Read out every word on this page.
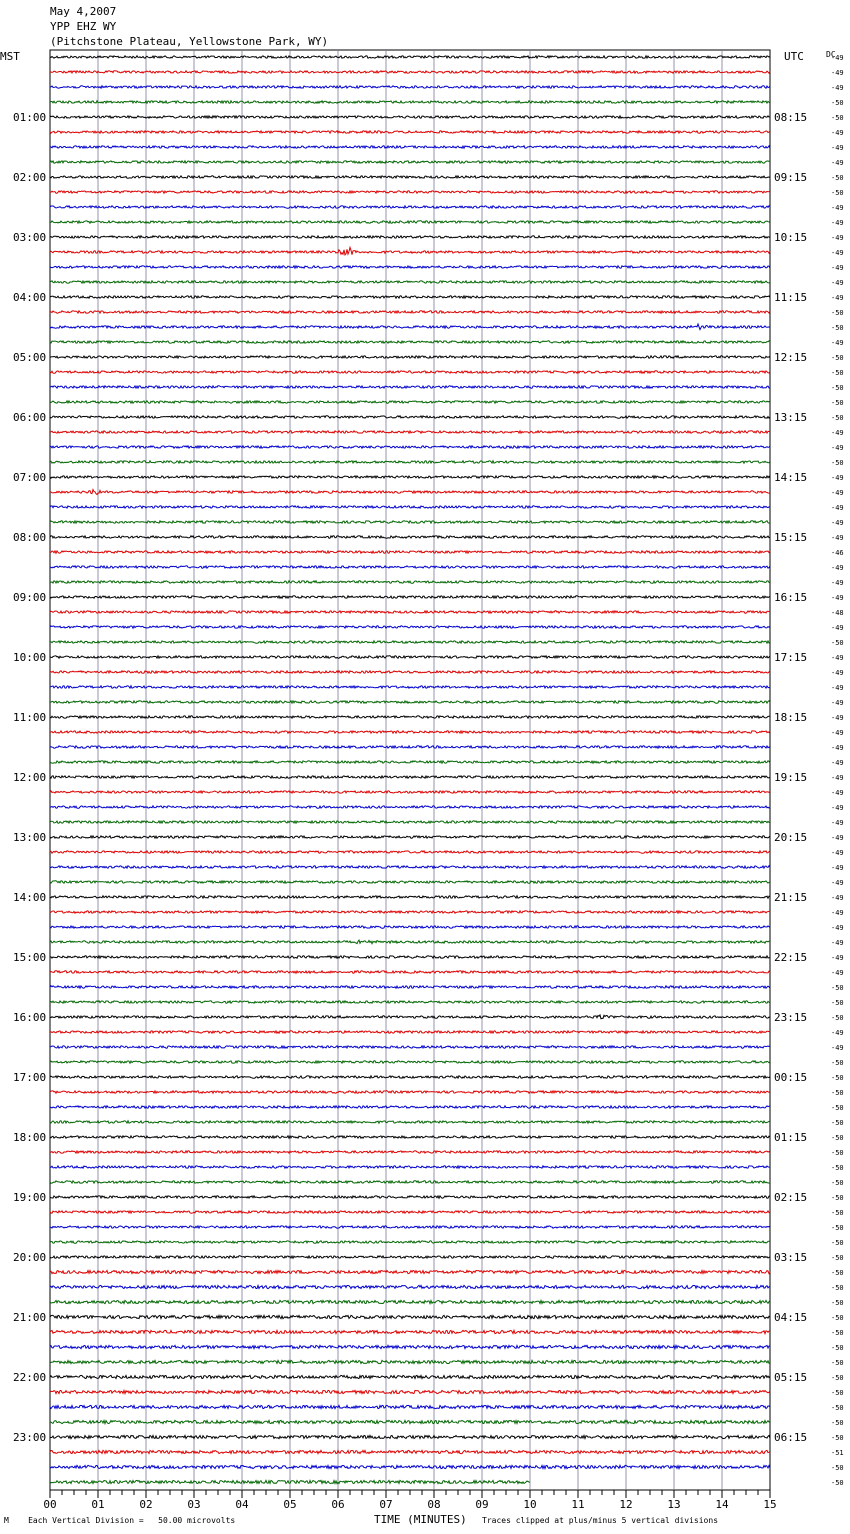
May 4,2007
YPP EHZ WY
(Pitchstone Plateau, Yellowstone Park, WY)
01:00
02:00
03:00
04:00
05:00
06:00
07:00
08:00
09:00
10:00
11:00
12:00
13:00
14:00
15:00
16:00
17:00
18:00
19:00
20:00
21:00
22:00
23:00
08:15
09:15
10:15
11:15
12:15
13:15
14:15
15:15
16:15
17:15
18:15
19:15
20:15
21:15
22:15
23:15
00:15
01:15
02:15
03:15
04:15
05:15
06:15
-49
-49
-49
-50
-50
-49
-49
-49
-50
-50
-49
-49
-49
-49
-49
-49
-49
-50
-50
-49
-50
-50
-50
-50
-50
-49
-49
-50
-49
-49
-49
-49
-49
-46
-49
-49
-49
-48
-49
-50
-49
-49
-49
-49
-49
-49
-49
-49
-49
-49
-49
-49
-49
-49
-49
-49
-49
-49
-49
-49
-49
-49
-50
-50
-50
-49
-49
-50
-50
-50
-50
-50
-50
-50
-50
-50
-50
-50
-50
-50
-50
-50
-50
-50
-50
-50
-50
-50
-50
-50
-50
-50
-50
-51
-50
-50
00	01	02	03	04	05	06	07	08	09	10	11	12	13	14	15
MST	UTC	DC
TIME (MINUTES)
M Each Vertical Division =   50.00 microvolts	Traces clipped at plus/minus 5 vertical divisions
